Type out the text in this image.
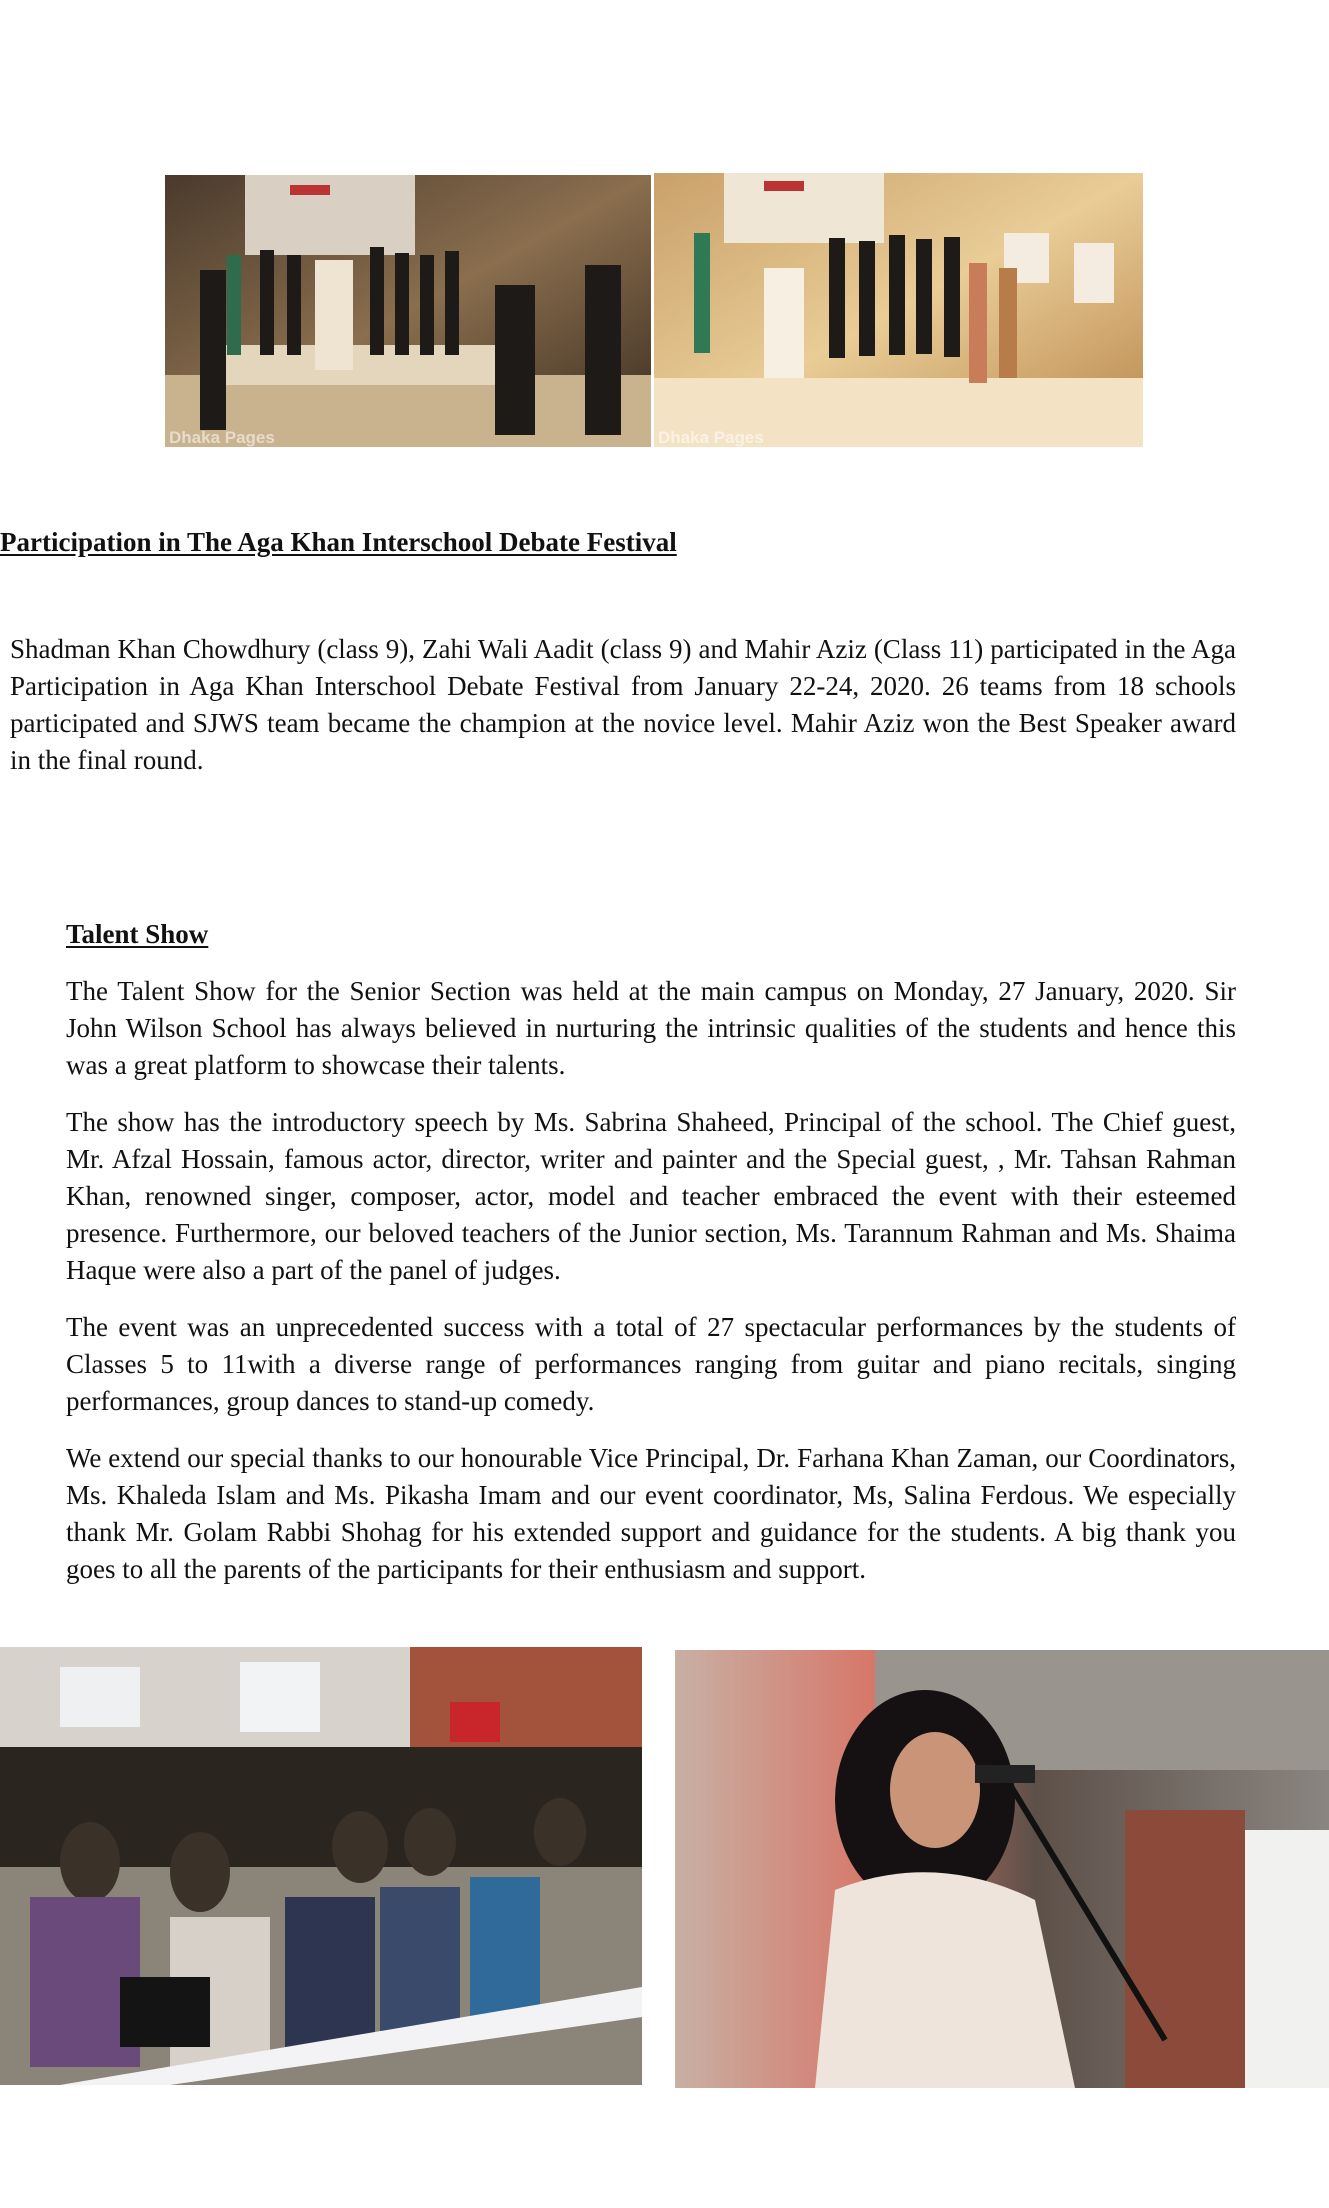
Dhaka Pages	Dhaka Pages
Participation in The Aga Khan Interschool Debate Festival

Shadman Khan Chowdhury (class 9), Zahi Wali Aadit (class 9) and Mahir Aziz (Class 11) participated in the Aga Participation in Aga Khan Interschool Debate Festival from January 22-24, 2020. 26 teams from 18 schools participated and SJWS team became the champion at the novice level. Mahir Aziz won the Best Speaker award in the final round.

Talent Show

The Talent Show for the Senior Section was held at the main campus on Monday, 27 January, 2020. Sir John Wilson School has always believed in nurturing the intrinsic qualities of the students and hence this was a great platform to showcase their talents.

The show has the introductory speech by Ms. Sabrina Shaheed, Principal of the school. The Chief guest, Mr. Afzal Hossain, famous actor, director, writer and painter and the Special guest, , Mr. Tahsan Rahman Khan, renowned singer, composer, actor, model and teacher embraced the event with their esteemed presence. Furthermore, our beloved teachers of the Junior section, Ms. Tarannum Rahman and Ms. Shaima Haque were also a part of the panel of judges.

The event was an unprecedented success with a total of 27 spectacular performances by the students of Classes 5 to 11with a diverse range of performances ranging from guitar and piano recitals, singing performances, group dances to stand-up comedy.

We extend our special thanks to our honourable Vice Principal, Dr. Farhana Khan Zaman, our Coordinators, Ms. Khaleda Islam and Ms. Pikasha Imam and our event coordinator, Ms, Salina Ferdous. We especially thank Mr. Golam Rabbi Shohag for his extended support and guidance for the students. A big thank you goes to all the parents of the participants for their enthusiasm and support.
